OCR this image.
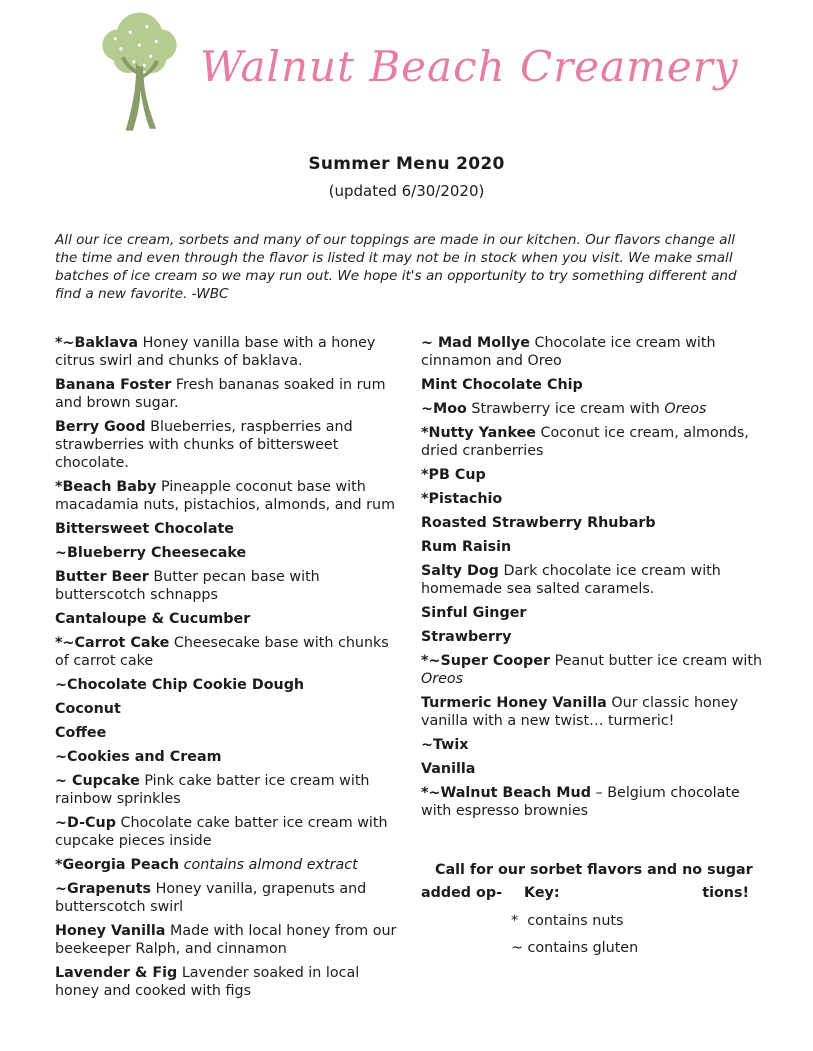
Walnut Beach Creamery
Summer Menu 2020
(updated 6/30/2020)

All our ice cream, sorbets and many of our toppings are made in our kitchen. Our flavors change all the time and even through the flavor is listed it may not be in stock when you visit. We make small batches of ice cream so we may run out. We hope it's an opportunity to try something different and find a new favorite. -WBC

*~Baklava Honey vanilla base with a honey citrus swirl and chunks of baklava.
Banana Foster Fresh bananas soaked in rum and brown sugar.
Berry Good Blueberries, raspberries and strawberries with chunks of bittersweet chocolate.
*Beach Baby Pineapple coconut base with macadamia nuts, pistachios, almonds, and rum
Bittersweet Chocolate
~Blueberry Cheesecake
Butter Beer Butter pecan base with butterscotch schnapps
Cantaloupe & Cucumber
*~Carrot Cake Cheesecake base with chunks of carrot cake
~Chocolate Chip Cookie Dough
Coconut
Coffee
~Cookies and Cream
~ Cupcake Pink cake batter ice cream with rainbow sprinkles
~D-Cup Chocolate cake batter ice cream with cupcake pieces inside
*Georgia Peach contains almond extract
~Grapenuts Honey vanilla, grapenuts and butterscotch swirl
Honey Vanilla Made with local honey from our beekeeper Ralph, and cinnamon
Lavender & Fig Lavender soaked in local honey and cooked with figs
~ Mad Mollye Chocolate ice cream with cinnamon and Oreo
Mint Chocolate Chip
~Moo Strawberry ice cream with Oreos
*Nutty Yankee Coconut ice cream, almonds, dried cranberries
*PB Cup
*Pistachio
Roasted Strawberry Rhubarb
Rum Raisin
Salty Dog Dark chocolate ice cream with homemade sea salted caramels.
Sinful Ginger
Strawberry
*~Super Cooper Peanut butter ice cream with Oreos
Turmeric Honey Vanilla Our classic honey vanilla with a new twist… turmeric!
~Twix
Vanilla
*~Walnut Beach Mud – Belgium chocolate with espresso brownies
Call for our sorbet flavors and no sugar
added op- Key:	tions!
*  contains nuts
~ contains gluten
